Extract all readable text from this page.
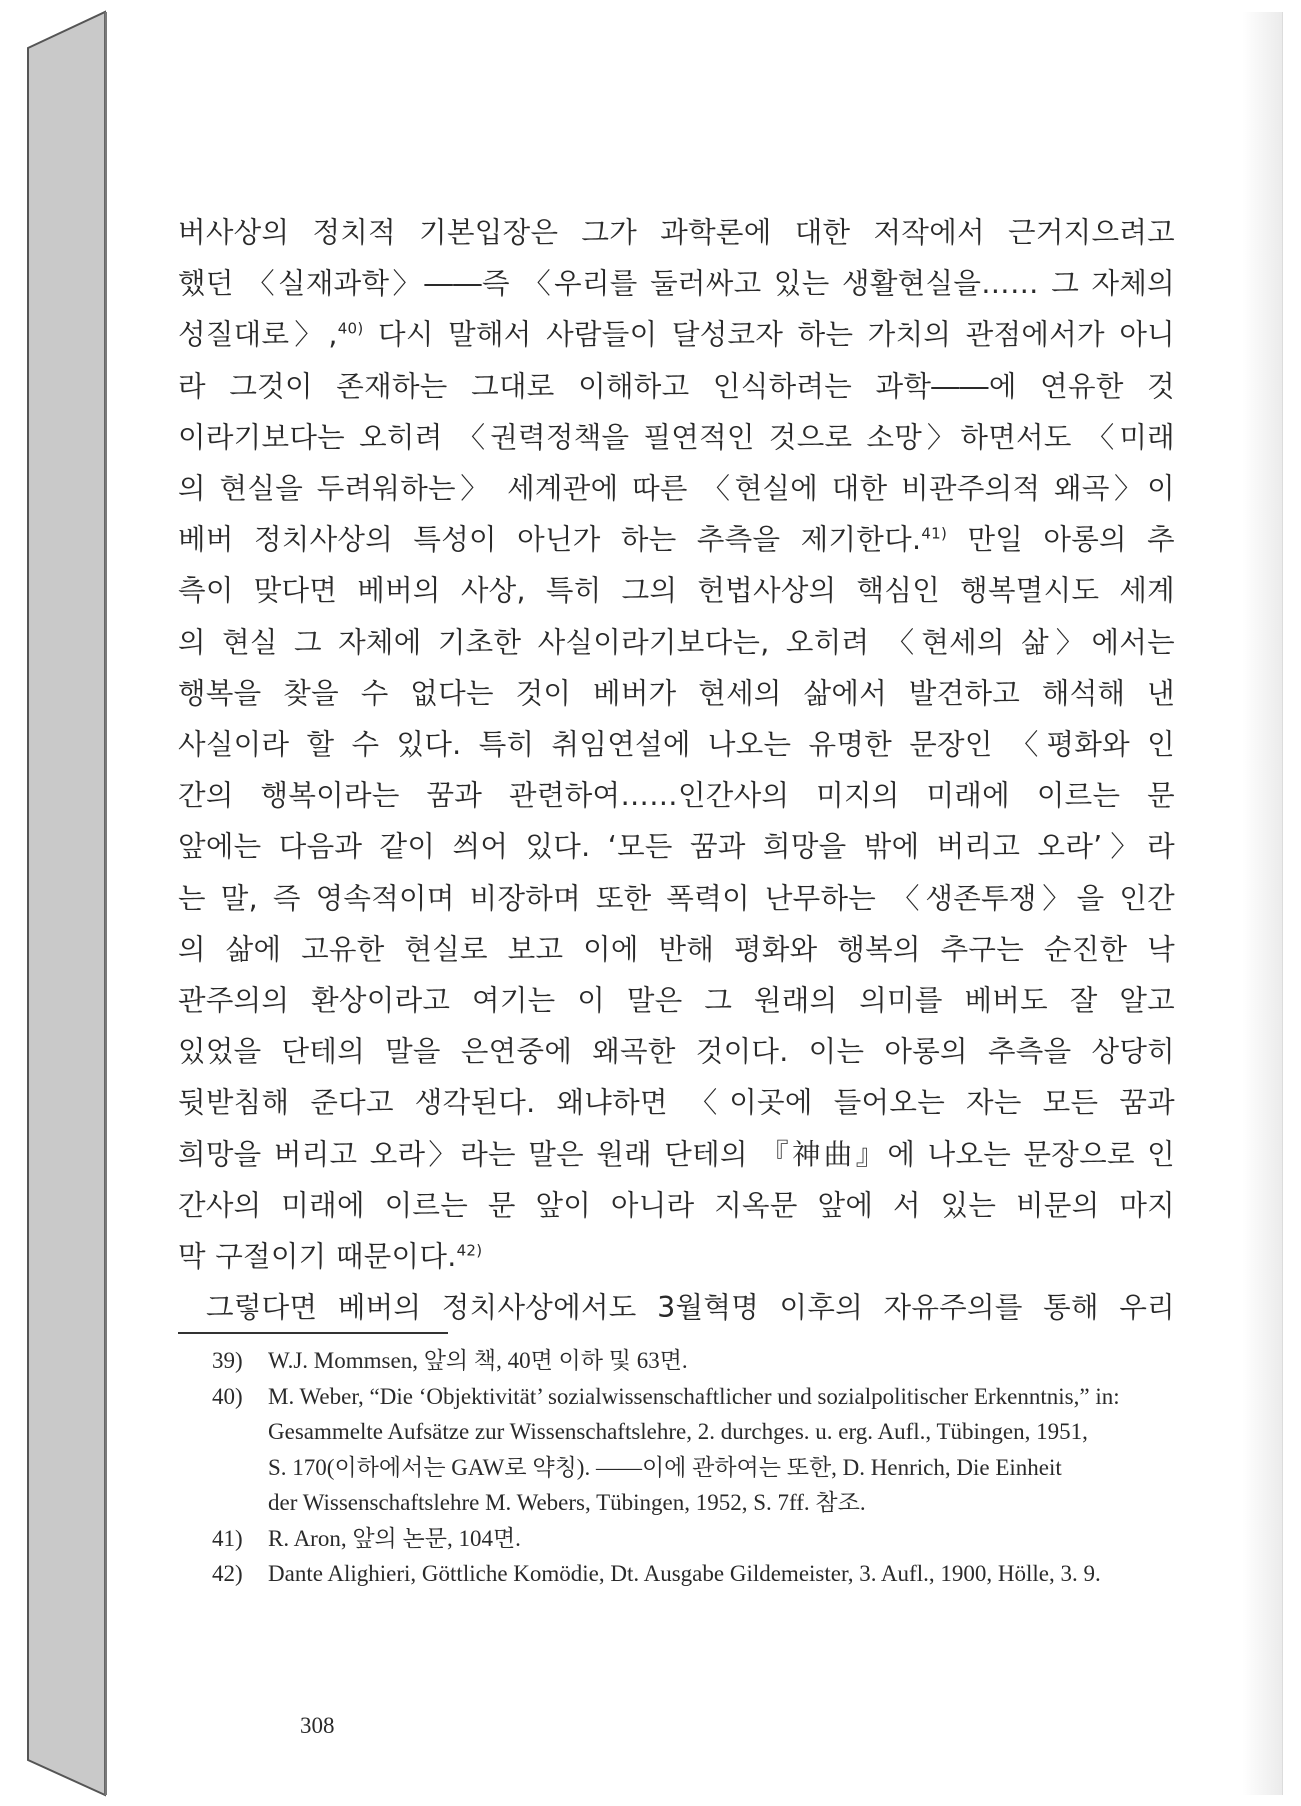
버사상의 정치적 기본입장은 그가 과학론에 대한 저작에서 근거지으려고
했던 〈실재과학〉――즉 〈우리를 둘러싸고 있는 생활현실을…… 그 자체의
성질대로〉,$^{40)}$ 다시 말해서 사람들이 달성코자 하는 가치의 관점에서가 아니
라 그것이 존재하는 그대로 이해하고 인식하려는 과학――에 연유한 것
이라기보다는 오히려 〈권력정책을 필연적인 것으로 소망〉하면서도 〈미래
의 현실을 두려워하는〉 세계관에 따른 〈현실에 대한 비관주의적 왜곡〉이
베버 정치사상의 특성이 아닌가 하는 추측을 제기한다.$^{41)}$ 만일 아롱의 추
측이 맞다면 베버의 사상, 특히 그의 헌법사상의 핵심인 행복멸시도 세계
의 현실 그 자체에 기초한 사실이라기보다는, 오히려 〈현세의 삶〉에서는
행복을 찾을 수 없다는 것이 베버가 현세의 삶에서 발견하고 해석해 낸
사실이라 할 수 있다. 특히 취임연설에 나오는 유명한 문장인 〈평화와 인
간의 행복이라는 꿈과 관련하여……인간사의 미지의 미래에 이르는 문
앞에는 다음과 같이 씌어 있다. ‘모든 꿈과 희망을 밖에 버리고 오라’〉라
는 말, 즉 영속적이며 비장하며 또한 폭력이 난무하는 〈생존투쟁〉을 인간
의 삶에 고유한 현실로 보고 이에 반해 평화와 행복의 추구는 순진한 낙
관주의의 환상이라고 여기는 이 말은 그 원래의 의미를 베버도 잘 알고
있었을 단테의 말을 은연중에 왜곡한 것이다. 이는 아롱의 추측을 상당히
뒷받침해 준다고 생각된다. 왜냐하면 〈이곳에 들어오는 자는 모든 꿈과
희망을 버리고 오라〉라는 말은 원래 단테의 『神曲』에 나오는 문장으로 인
간사의 미래에 이르는 문 앞이 아니라 지옥문 앞에 서 있는 비문의 마지
막 구절이기 때문이다.$^{42)}$
그렇다면 베버의 정치사상에서도 3월혁명 이후의 자유주의를 통해 우리
39) W.J. Mommsen, 앞의 책, 40면 이하 및 63면.
40) M. Weber, “Die ‘Objektivität’ sozialwissenschaftlicher und sozialpolitischer Erkenntnis,” in:
Gesammelte Aufsätze zur Wissenschaftslehre, 2. durchges. u. erg. Aufl., Tübingen, 1951,
S. 170(이하에서는 GAW로 약칭). ――이에 관하여는 또한, D. Henrich, Die Einheit
der Wissenschaftslehre M. Webers, Tübingen, 1952, S. 7ff. 참조.
41) R. Aron, 앞의 논문, 104면.
42) Dante Alighieri, Göttliche Komödie, Dt. Ausgabe Gildemeister, 3. Aufl., 1900, Hölle, 3. 9.
308
